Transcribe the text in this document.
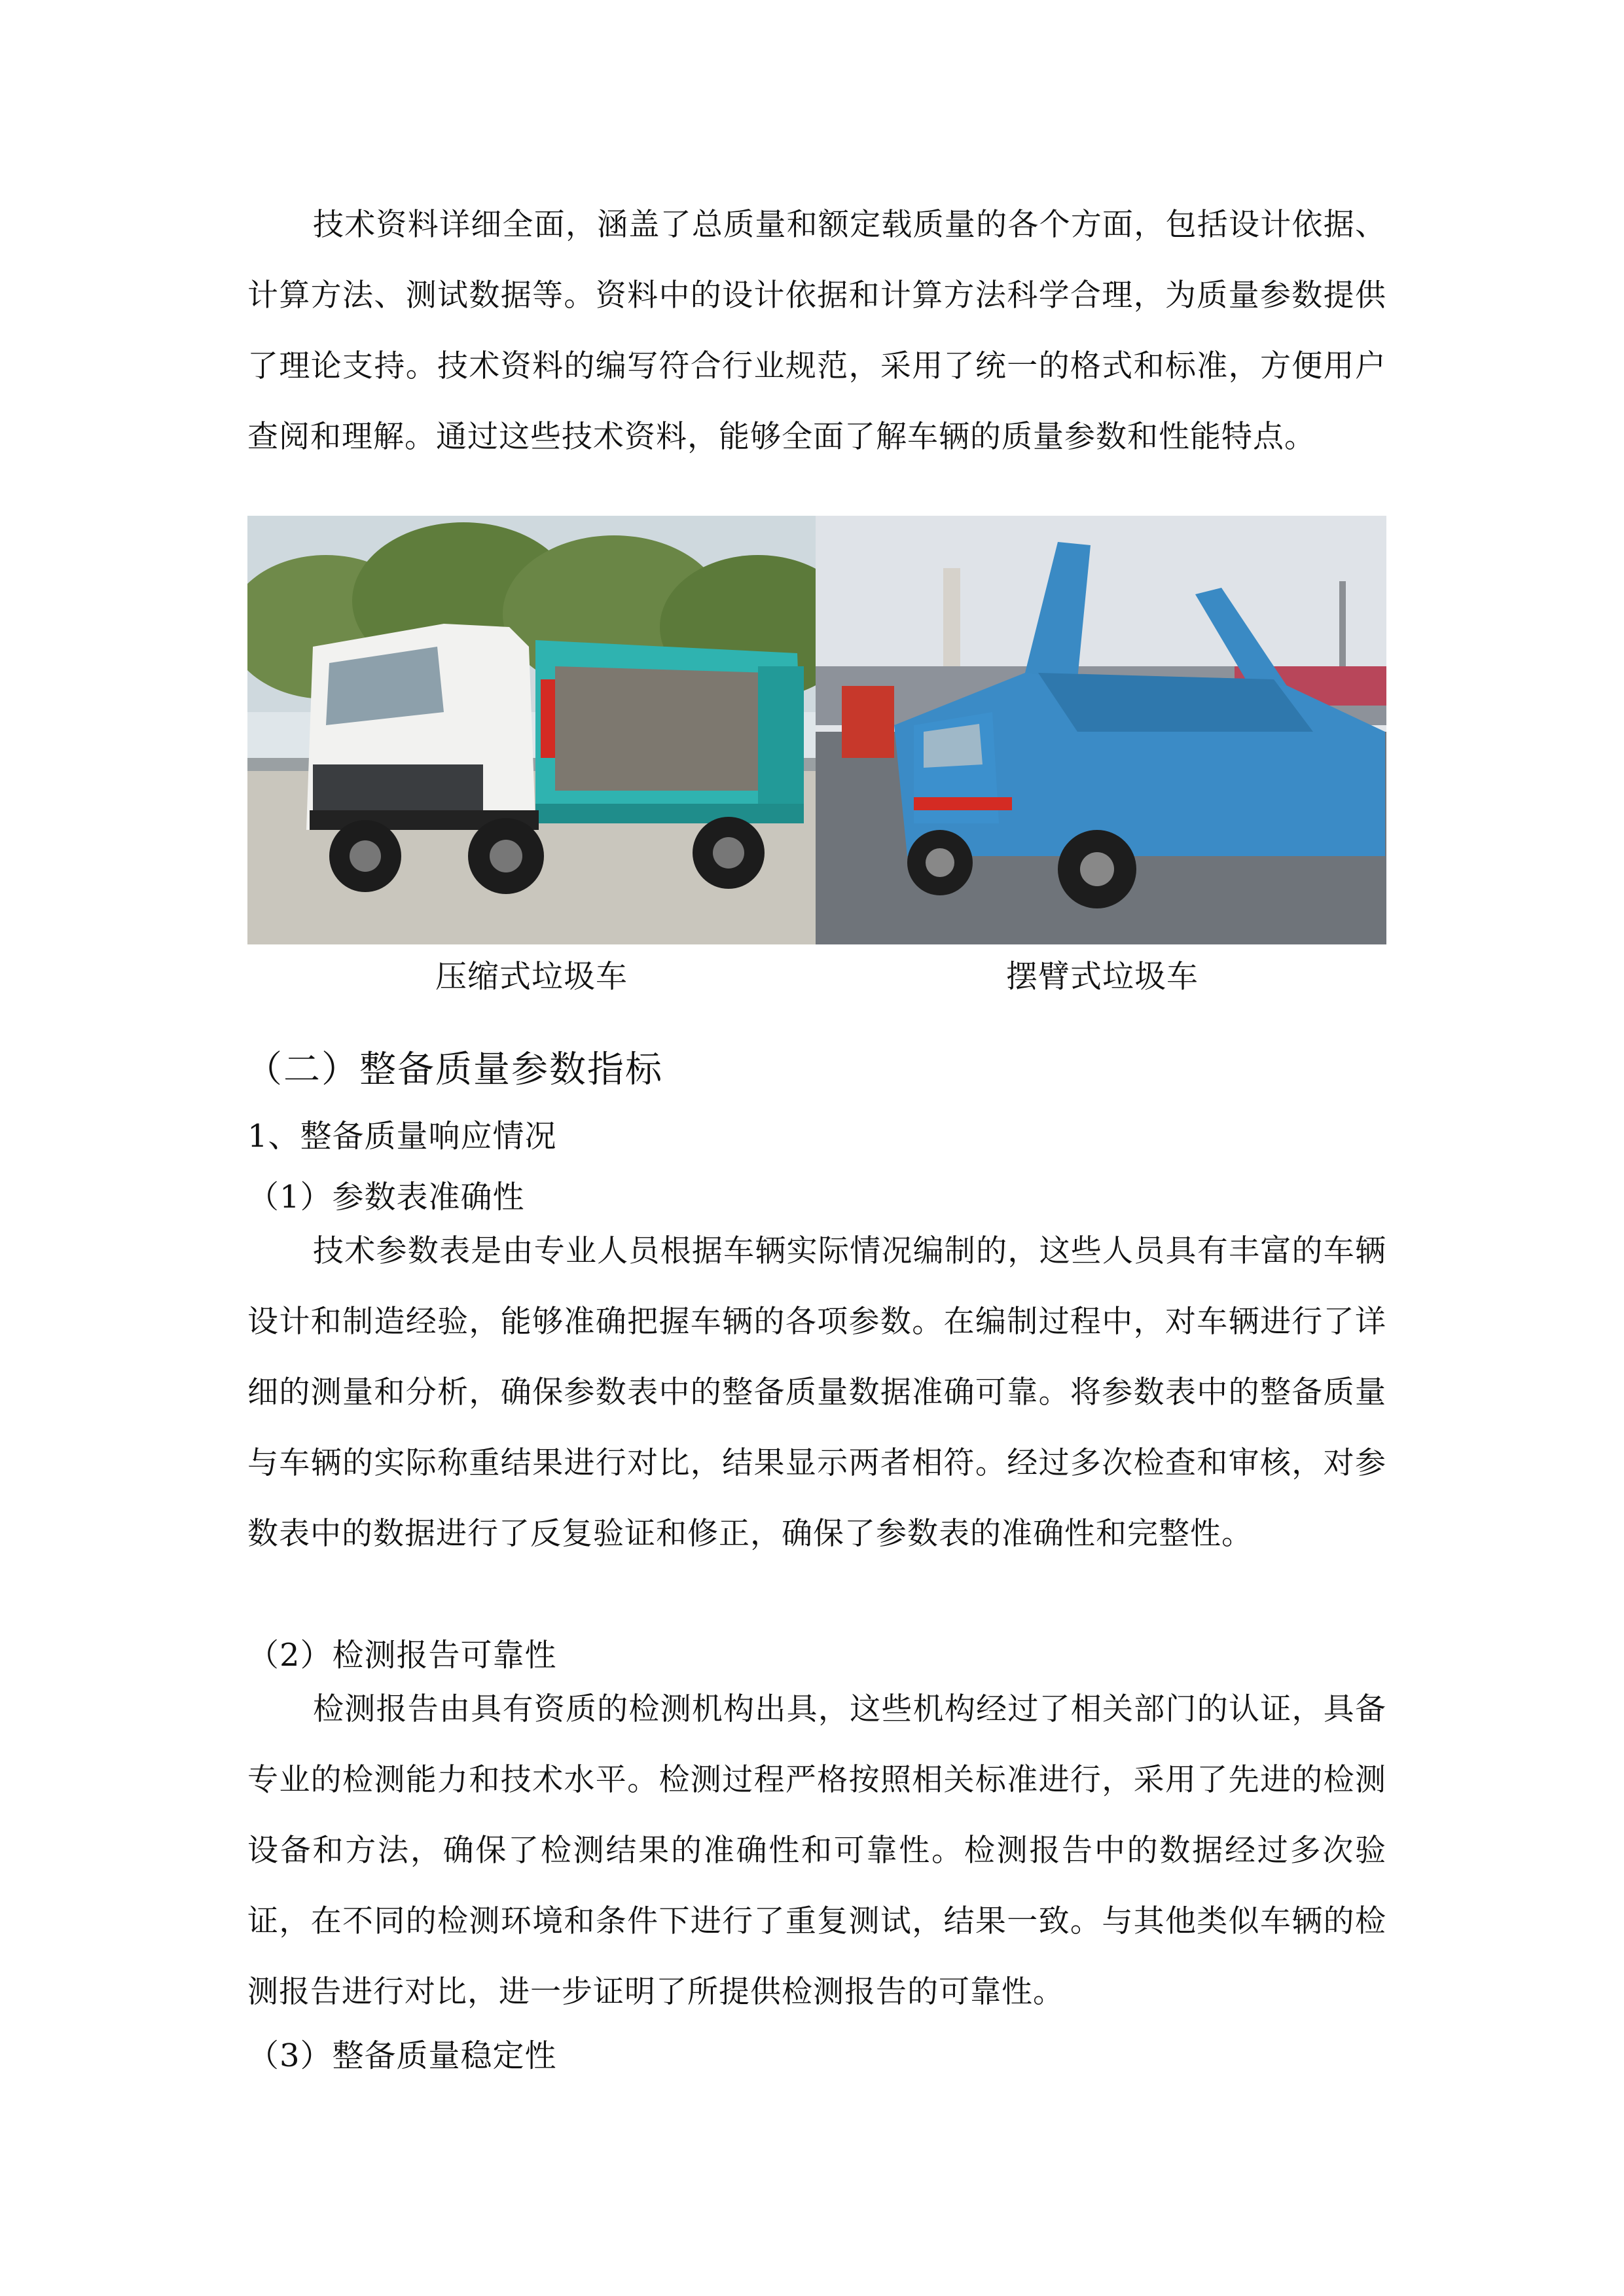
技术资料详细全面，涵盖了总质量和额定载质量的各个方面，包括设计依据、计算方法、测试数据等。资料中的设计依据和计算方法科学合理，为质量参数提供了理论支持。技术资料的编写符合行业规范，采用了统一的格式和标准，方便用户查阅和理解。通过这些技术资料，能够全面了解车辆的质量参数和性能特点。

压缩式垃圾车	摆臂式垃圾车

（二）整备质量参数指标

1、整备质量响应情况

（1）参数表准确性

技术参数表是由专业人员根据车辆实际情况编制的，这些人员具有丰富的车辆设计和制造经验，能够准确把握车辆的各项参数。在编制过程中，对车辆进行了详细的测量和分析，确保参数表中的整备质量数据准确可靠。将参数表中的整备质量与车辆的实际称重结果进行对比，结果显示两者相符。经过多次检查和审核，对参数表中的数据进行了反复验证和修正，确保了参数表的准确性和完整性。

（2）检测报告可靠性

检测报告由具有资质的检测机构出具，这些机构经过了相关部门的认证，具备专业的检测能力和技术水平。检测过程严格按照相关标准进行，采用了先进的检测设备和方法，确保了检测结果的准确性和可靠性。检测报告中的数据经过多次验证，在不同的检测环境和条件下进行了重复测试，结果一致。与其他类似车辆的检测报告进行对比，进一步证明了所提供检测报告的可靠性。

（3）整备质量稳定性
